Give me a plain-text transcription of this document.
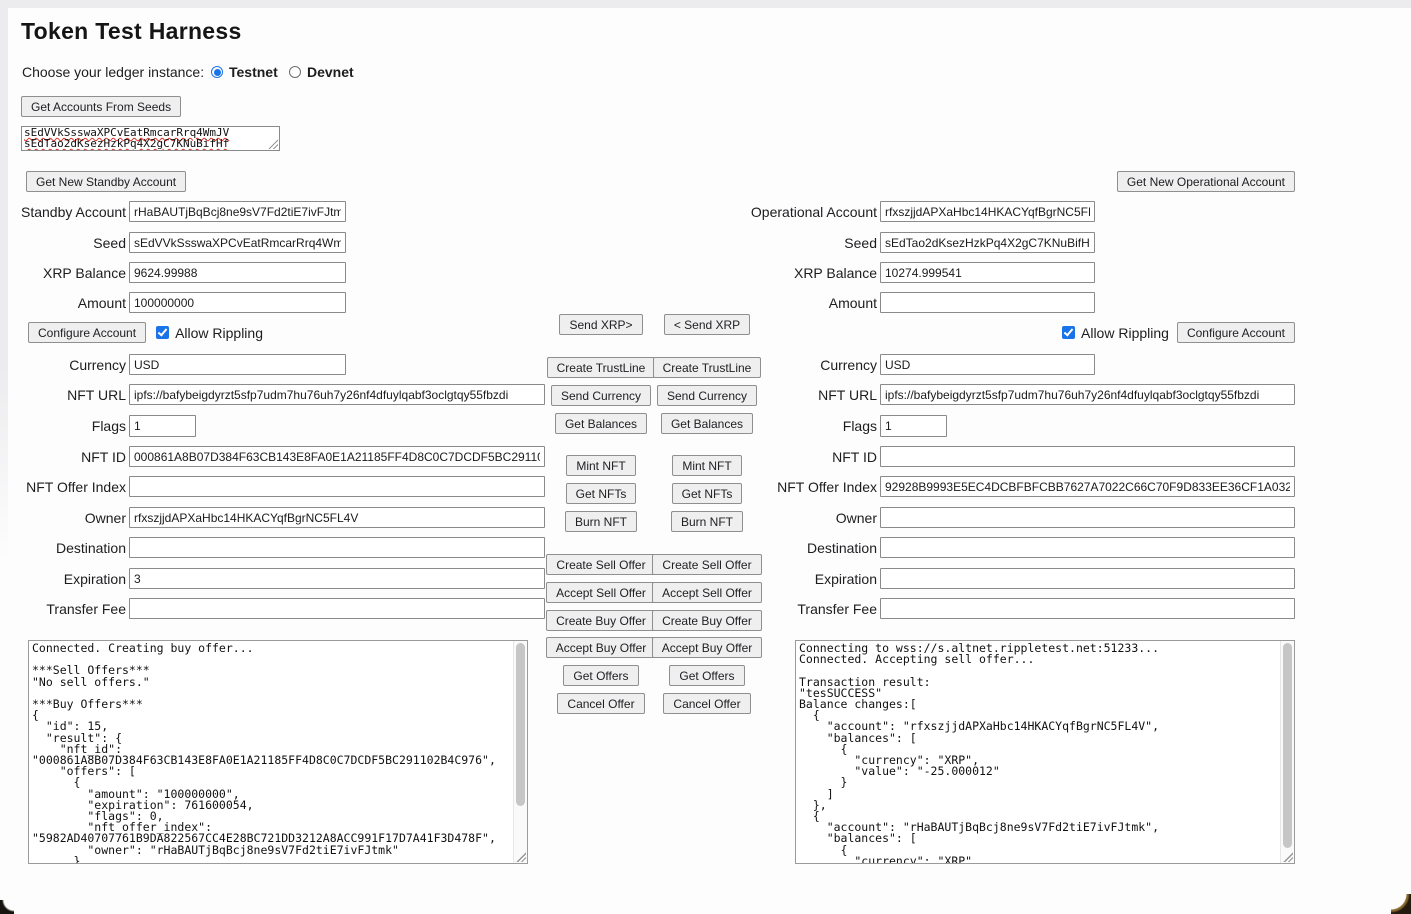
Token Test Harness
Choose your ledger instance: Testnet Devnet
Get Accounts From Seeds
sEdVVkSsswaXPCvEatRmcarRrq4WmJV
sEdTao2dKsezHzkPq4X2gC7KNuBifHf
Get New Standby Account
Standby Account
rHaBAUTjBqBcj8ne9sV7Fd2tiE7ivFJtmk
Seed
sEdVVkSsswaXPCvEatRmcarRrq4WmJV
XRP Balance
9624.99988
Amount
100000000
Configure Account	Allow Rippling
Currency
USD
NFT URL
ipfs://bafybeigdyrzt5sfp7udm7hu76uh7y26nf4dfuylqabf3oclgtqy55fbzdi
Flags
1
NFT ID
000861A8B07D384F63CB143E8FA0E1A21185FF4D8C0C7DCDF5BC291102B4C976
NFT Offer Index
Owner
rfxszjjdAPXaHbc14HKACYqfBgrNC5FL4V
Destination
Expiration
3
Transfer Fee
Send XRP>
Create TrustLine
Send Currency
Get Balances
Mint NFT
Get NFTs
Burn NFT
Create Sell Offer
Accept Sell Offer
Create Buy Offer
Accept Buy Offer
Get Offers
Cancel Offer
< Send XRP
Create TrustLine
Send Currency
Get Balances
Mint NFT
Get NFTs
Burn NFT
Create Sell Offer
Accept Sell Offer
Create Buy Offer
Accept Buy Offer
Get Offers
Cancel Offer
Get New Operational Account
Operational Account
rfxszjjdAPXaHbc14HKACYqfBgrNC5FL4V
Seed
sEdTao2dKsezHzkPq4X2gC7KNuBifHf
XRP Balance
10274.999541
Amount
Allow Rippling	Configure Account
Currency
USD
NFT URL
ipfs://bafybeigdyrzt5sfp7udm7hu76uh7y26nf4dfuylqabf3oclgtqy55fbzdi
Flags
1
NFT ID
NFT Offer Index
92928B9993E5EC4DCBFBFCBB7627A7022C66C70F9D833EE36CF1A032D6BC4E1B
Owner
Destination
Expiration
Transfer Fee
Connected. Creating buy offer... ***Sell Offers*** "No sell offers." ***Buy Offers*** { "id": 15, "result": { "nft_id": "000861A8B07D384F63CB143E8FA0E1A21185FF4D8C0C7DCDF5BC291102B4C976", "offers": [ { "amount": "100000000", "expiration": 761600054, "flags": 0, "nft_offer_index": "5982AD40707761B9DA822567CC4E28BC721DD3212A8ACC991F17D7A41F3D478F", "owner": "rHaBAUTjBqBcj8ne9sV7Fd2tiE7ivFJtmk" }
Connecting to wss://s.altnet.rippletest.net:51233... Connected. Accepting sell offer... Transaction result: "tesSUCCESS" Balance changes:[ { "account": "rfxszjjdAPXaHbc14HKACYqfBgrNC5FL4V", "balances": [ { "currency": "XRP", "value": "-25.000012" } ] }, { "account": "rHaBAUTjBqBcj8ne9sV7Fd2tiE7ivFJtmk", "balances": [ { "currency": "XRP",
